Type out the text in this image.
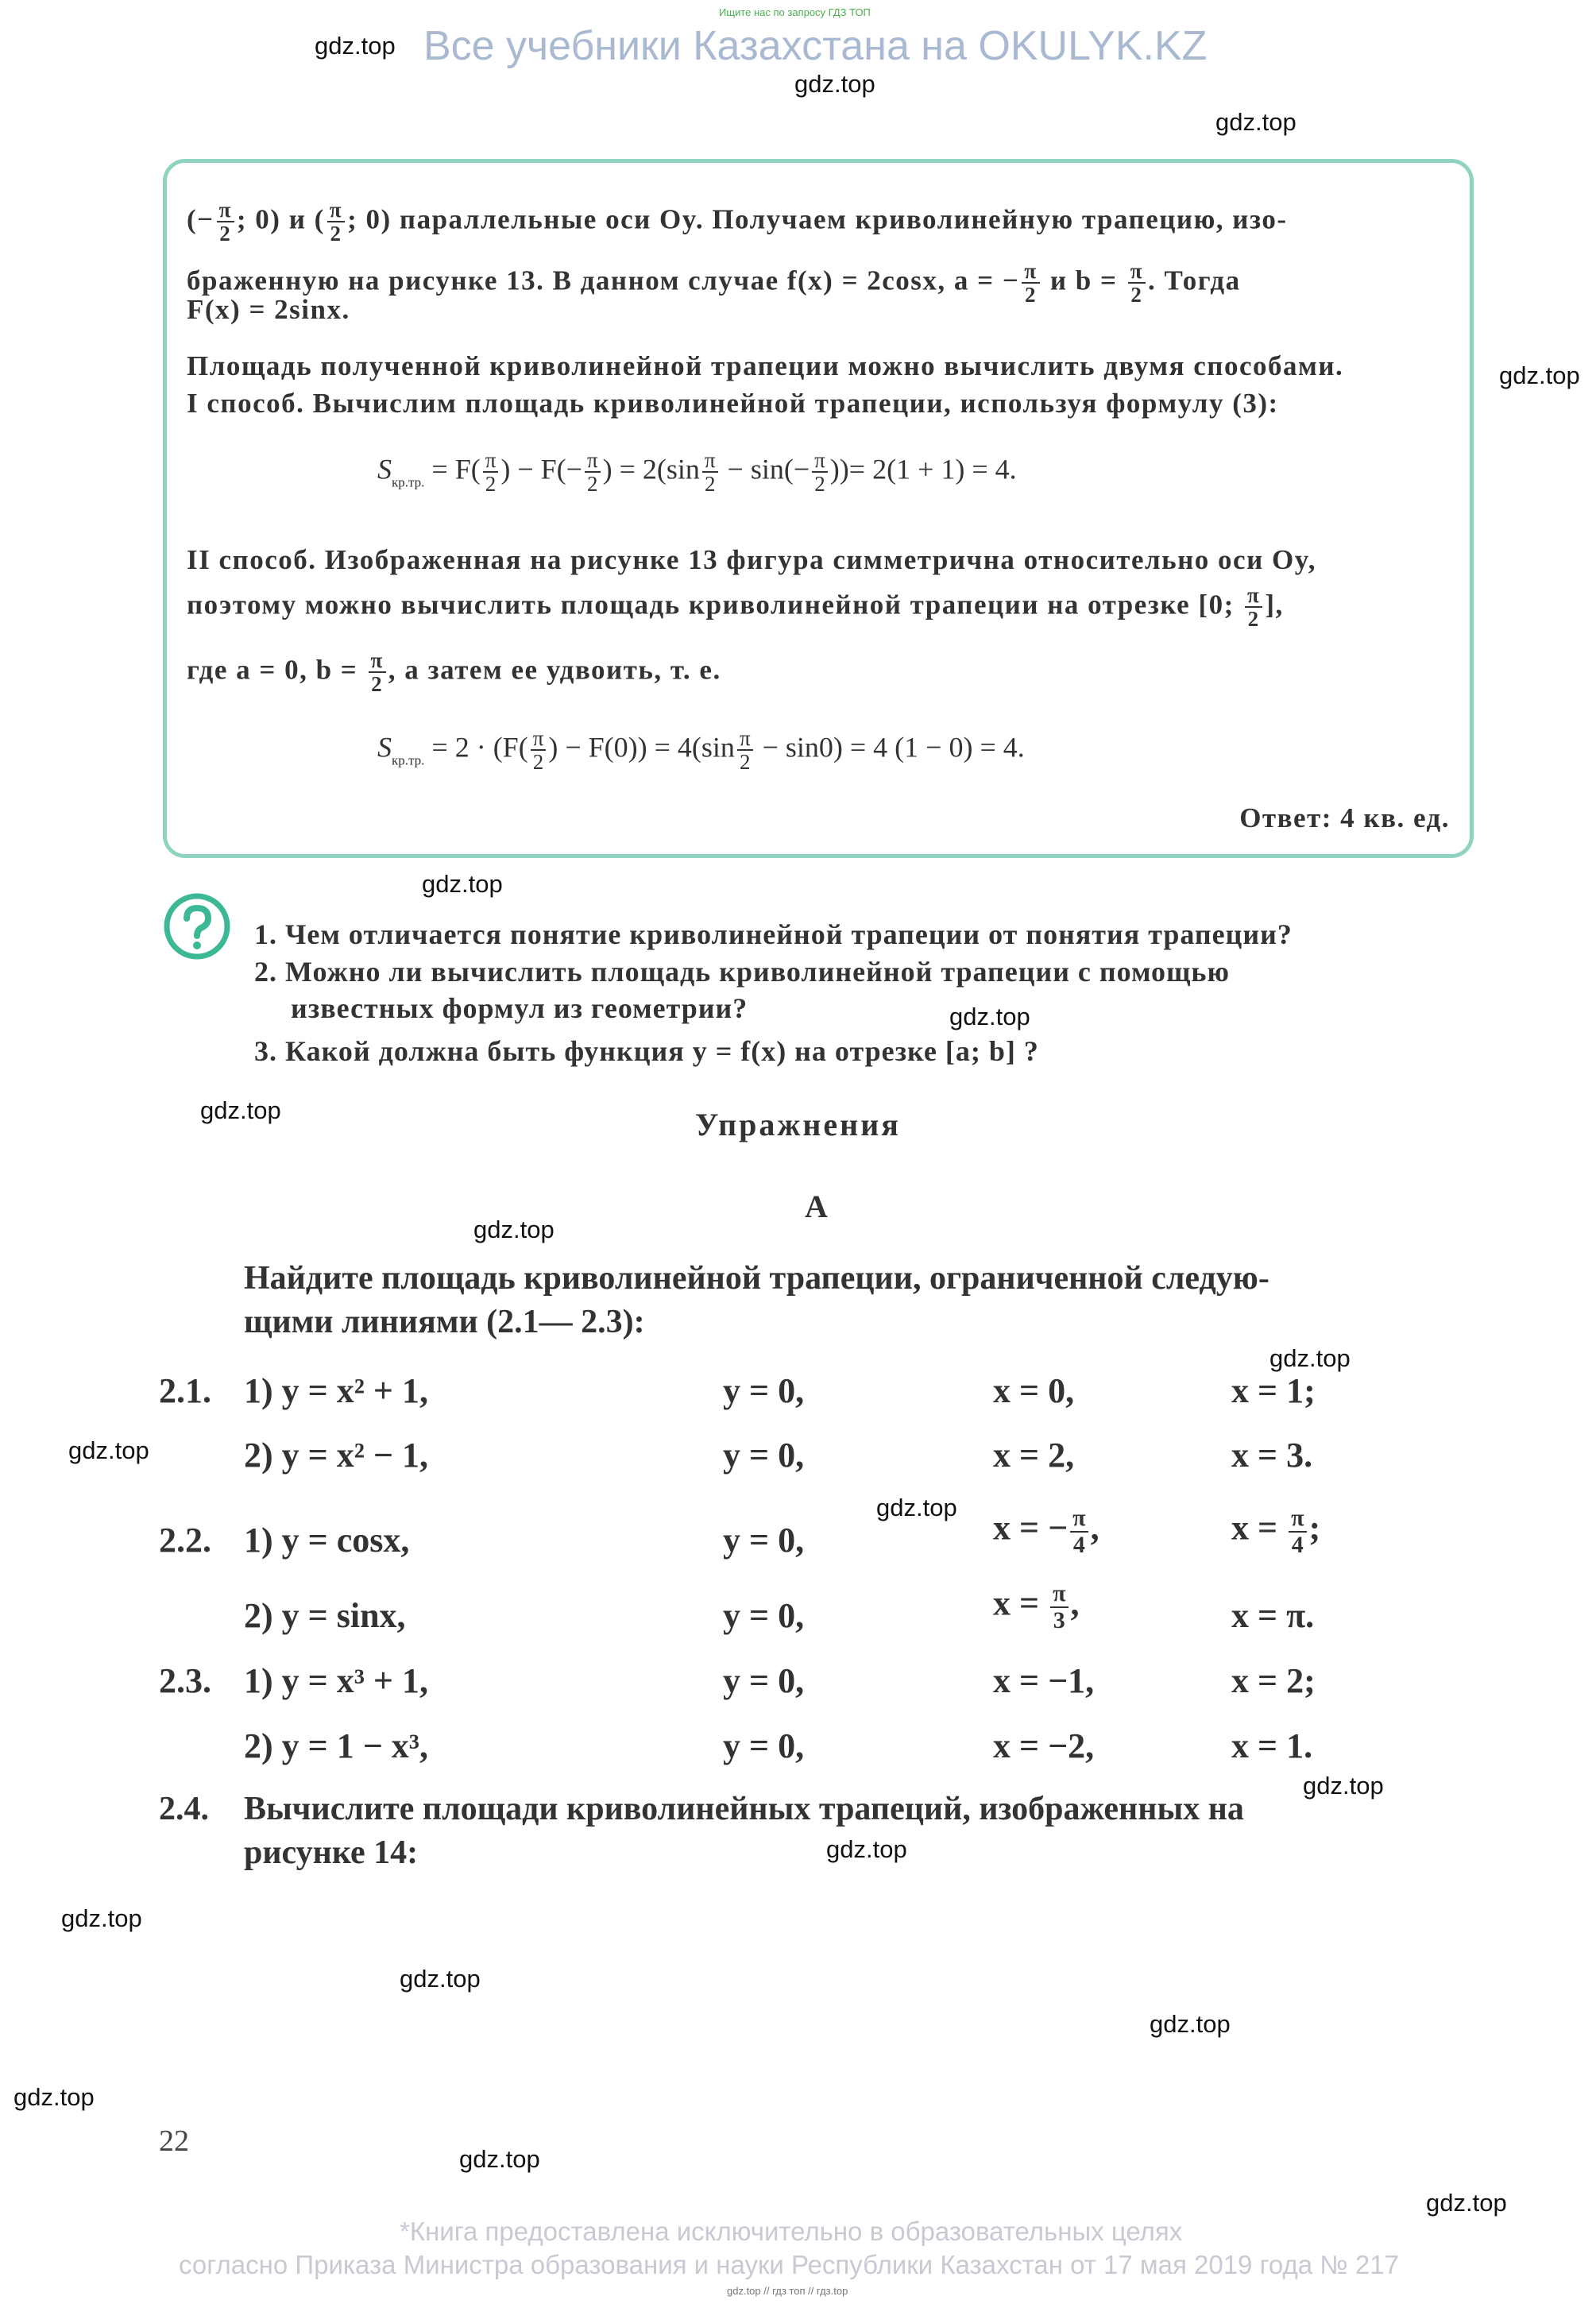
Ищите нас по запросу ГДЗ ТОП
Все учебники Казахстана на OKULYK.KZ
gdz.top
gdz.top
gdz.top
gdz.top
gdz.top
gdz.top
gdz.top
gdz.top
gdz.top
gdz.top
gdz.top
gdz.top
gdz.top
gdz.top
gdz.top
gdz.top
gdz.top
gdz.top
gdz.top
(− $\frac{\pi}{2}$ ; 0) и ( $\frac{\pi}{2}$ ; 0) параллельные оси Oy. Получаем криволинейную трапецию, изо-
браженную на рисунке 13. В данном случае f(x) = 2cosx, a = − $\frac{\pi}{2}$ и $b = \frac{\pi}{2}$ . Тогда
F(x) = 2sinx.
Площадь полученной криволинейной трапеции можно вычислить двумя способами.
I способ. Вычислим площадь криволинейной трапеции, используя формулу (3):
$S_{кр.тр.} = F( \frac{\pi}{2}$ ) − $F(- \frac{\pi}{2}$ ) = $2(\sin \frac{\pi}{2} - \sin(- \frac{\pi}{2}$ ))= 2(1 + 1) = 4.
II способ. Изображенная на рисунке 13 фигура симметрична относительно оси Oy,
поэтому можно вычислить площадь криволинейной трапеции на отрезке [0; $\frac{\pi}{2}$ ],
где a = 0, $b = \frac{\pi}{2}$ , а затем ее удвоить, т. е.
$S_{кр.тр.} = 2 \cdot (F( \frac{\pi}{2}$ ) − $F(0)) = 4(\sin \frac{\pi}{2} - \sin 0) = 4$ (1 − 0) = 4.
Ответ: 4 кв. ед.
1. Чем отличается понятие криволинейной трапеции от понятия трапеции?
2. Можно ли вычислить площадь криволинейной трапеции с помощью
известных формул из геометрии?
3. Какой должна быть функция y = f(x) на отрезке [a; b] ?
Упражнения
A
Найдите площадь криволинейной трапеции, ограниченной следую-
щими линиями (2.1— 2.3):
2.1. 1) y = x² + 1,	y = 0,	x = 0,	x = 1;
2) y = x² − 1,	y = 0,	x = 2,	x = 3.
2.2. 1) y = cosx,	y = 0,	x = − $\frac{\pi}{4}$ ,	$x = \frac{\pi}{4}$ ;
2) y = sinx,	y = 0,	$x = \frac{\pi}{3}$ ,	x = π.
2.3. 1) y = x³ + 1,	y = 0,	x = −1,	x = 2;
2) y = 1 − x³,	y = 0,	x = −2,	x = 1.
2.4. Вычислите площади криволинейных трапеций, изображенных на
рисунке 14:
22
*Книга предоставлена исключительно в образовательных целях
согласно Приказа Министра образования и науки Республики Казахстан от 17 мая 2019 года № 217
gdz.top // гдз топ // гдз.top
